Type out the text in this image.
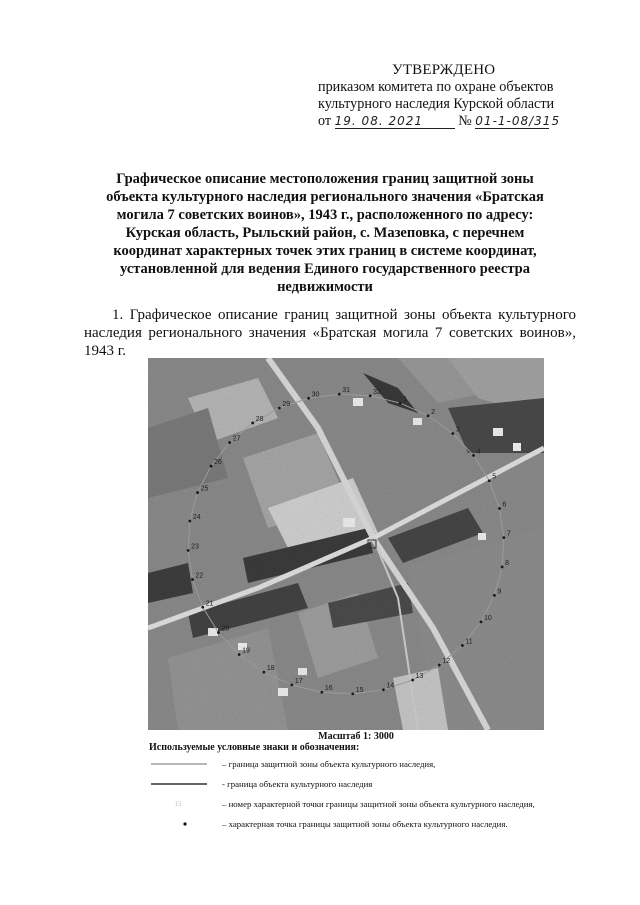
УТВЕРЖДЕНО
приказом комитета по охране объектов
культурного наследия Курской области
от 19. 08. 2021 № 01-1-08/315
Графическое описание местоположения границ защитной зоны
объекта культурного наследия регионального значения «Братская
могила 7 советских воинов», 1943 г., расположенного по адресу:
Курская область, Рыльский район, с. Мазеповка, с перечнем
координат характерных точек этих границ в системе координат,
установленной для ведения Единого государственного реестра
недвижимости
1. Графическое описание границ защитной зоны объекта культурного наследия регионального значения «Братская могила 7 советских воинов», 1943 г.
1
2
3
4
5
6
7
8
9
10
11
12
13
14
15
16
17
18
19
20
21
22
23
24
25
26
27
28
29
30
31	32
Масштаб 1: 3000
Используемые условные знаки и обозначения:
– граница защитной зоны объекта культурного наследия,
- граница объекта культурного наследия
15	– номер характерной точки границы защитной зоны объекта культурного наследия,
– характерная точка границы защитной зоны объекта культурного наследия.
